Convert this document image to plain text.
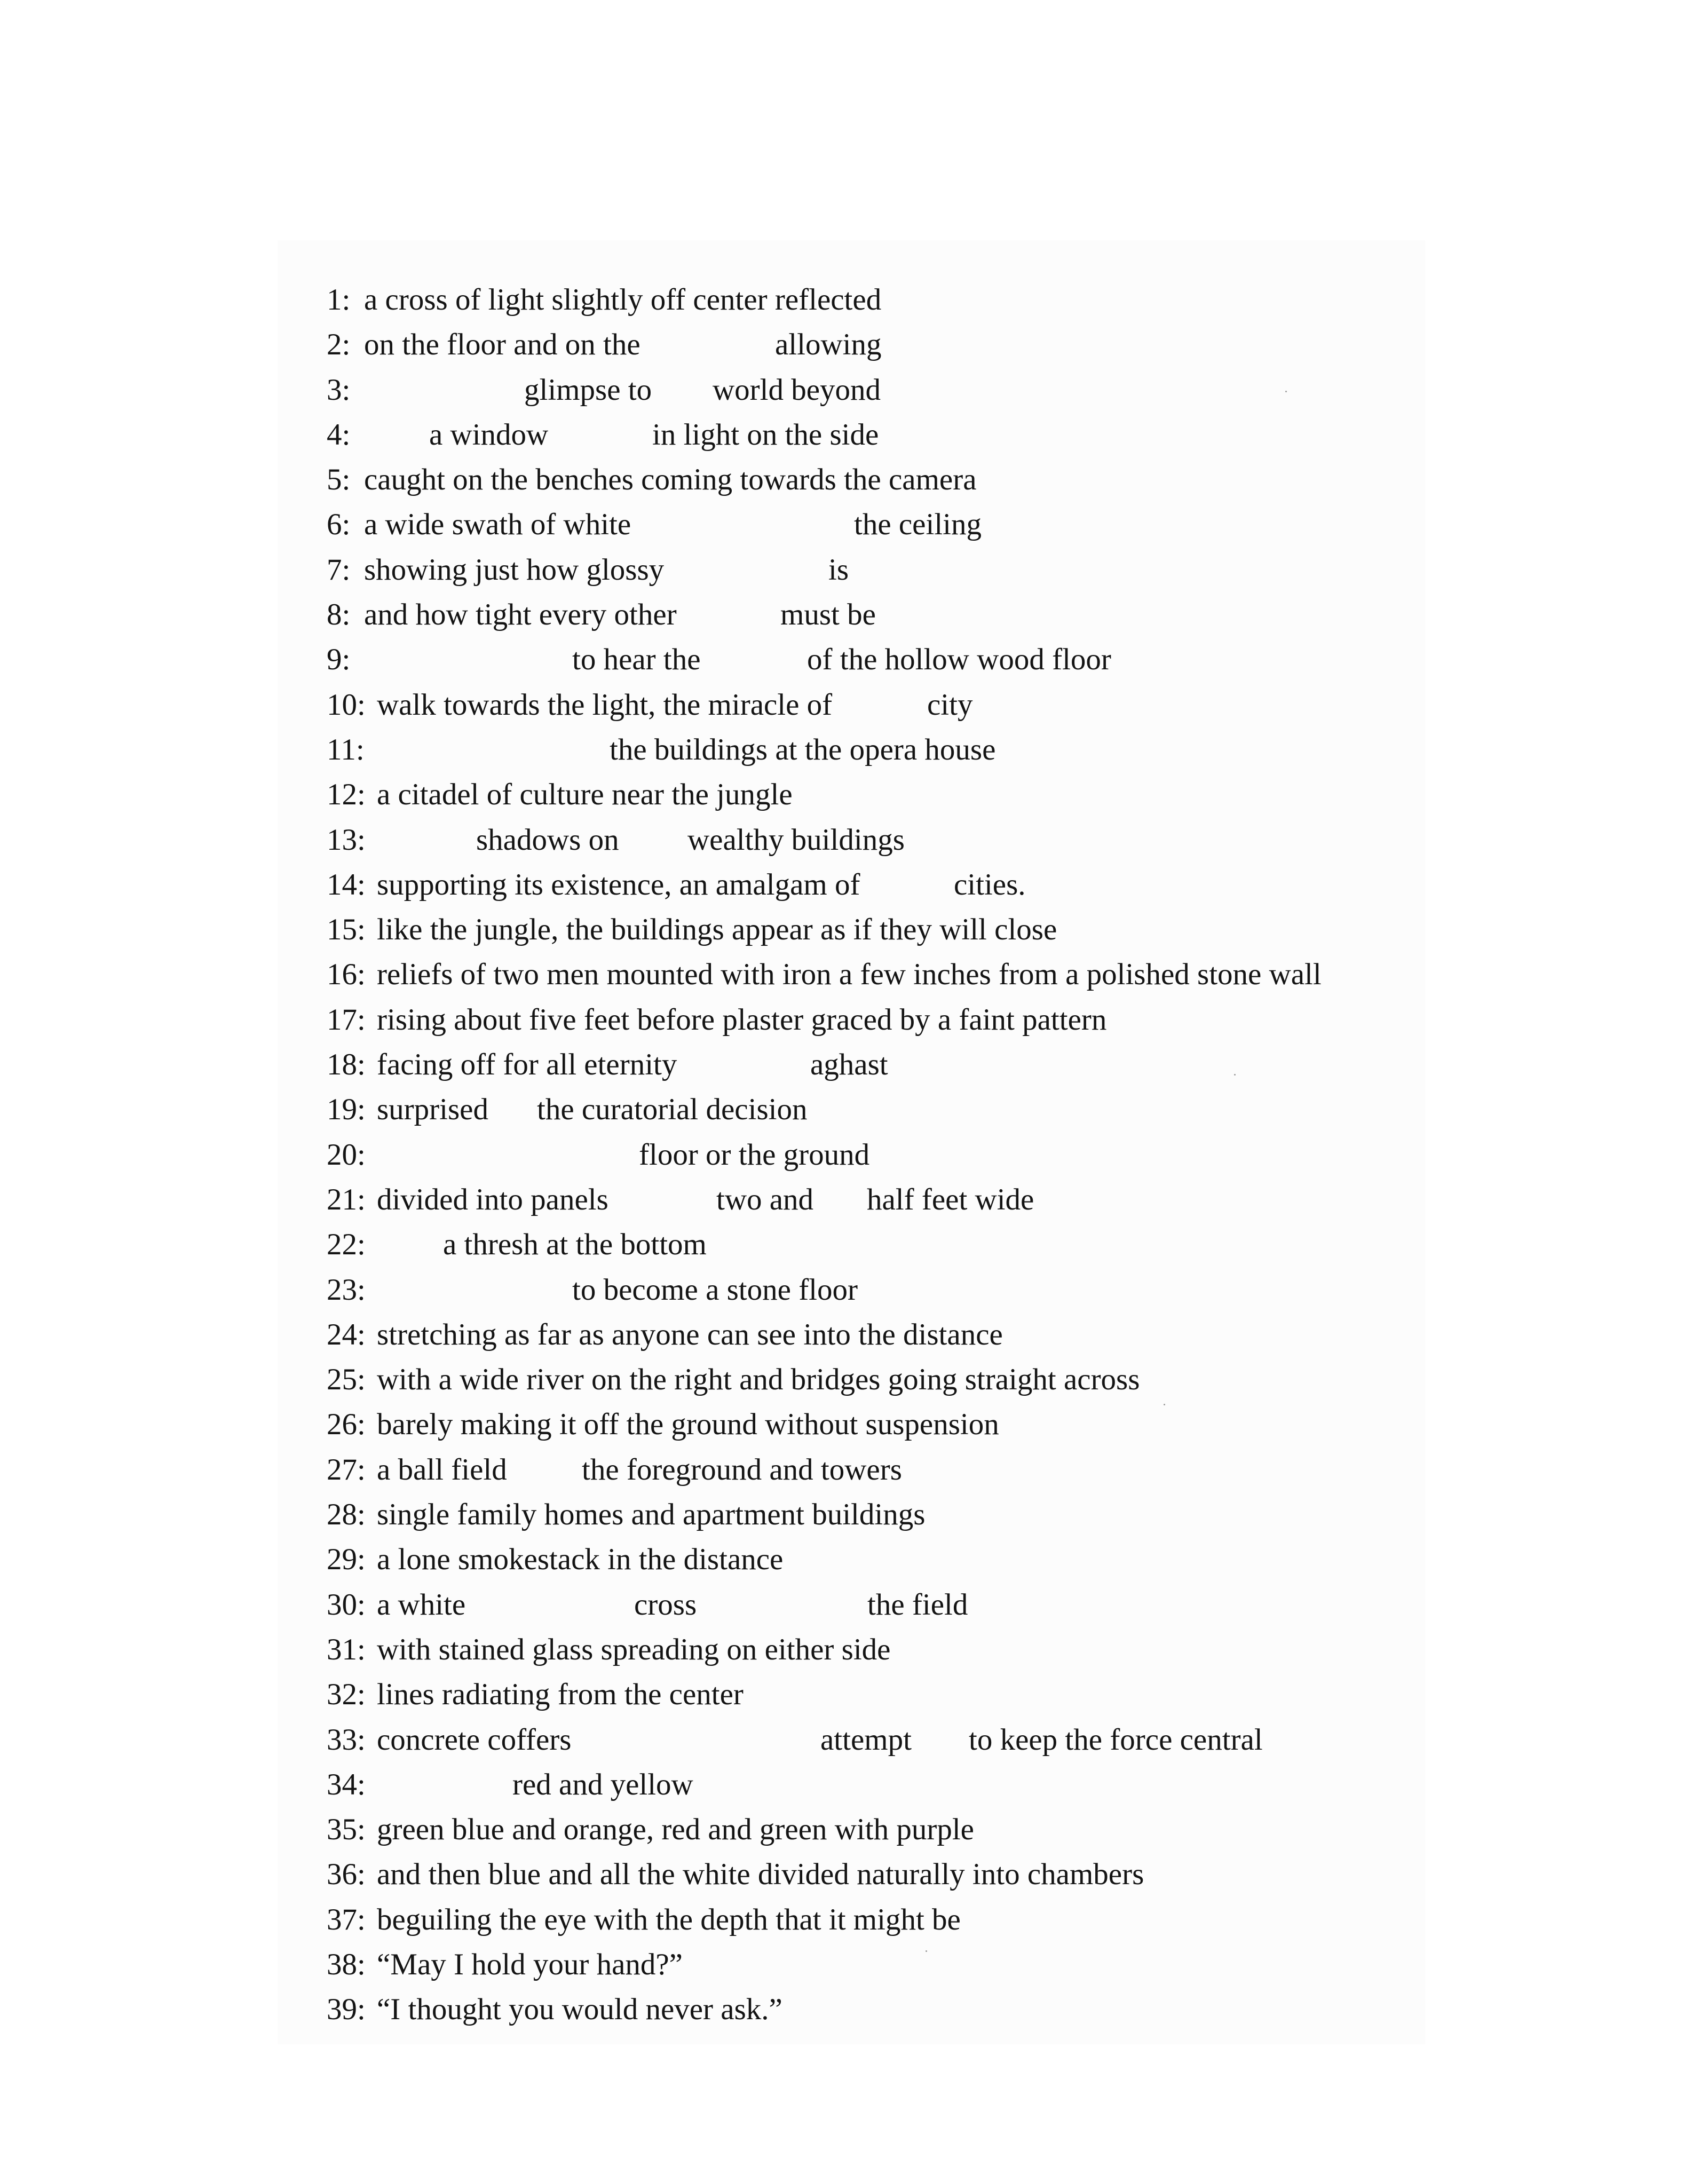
1: a cross of light slightly off center reflected
2: on the floor and on the	allowing
3:	glimpse to world beyond
4:	a window	in light on the side
5: caught on the benches coming towards the camera
6: a wide swath of white	the ceiling
7: showing just how glossy	is
8: and how tight every other	must be
9:	to hear the	of the hollow wood floor
10: walk towards the light, the miracle of	city
11:	the buildings at the opera house
12: a citadel of culture near the jungle
13:	shadows on wealthy buildings
14: supporting its existence, an amalgam of	cities.
15: like the jungle, the buildings appear as if they will close
16: reliefs of two men mounted with iron a few inches from a polished stone wall
17: rising about five feet before plaster graced by a faint pattern
18: facing off for all eternity	aghast
19: surprised the curatorial decision
20:	floor or the ground
21: divided into panels	two and half feet wide
22:	a thresh at the bottom
23:	to become a stone floor
24: stretching as far as anyone can see into the distance
25: with a wide river on the right and bridges going straight across
26: barely making it off the ground without suspension
27: a ball field the foreground and towers
28: single family homes and apartment buildings
29: a lone smokestack in the distance
30: a white	cross	the field
31: with stained glass spreading on either side
32: lines radiating from the center
33: concrete coffers	attempt to keep the force central
34:	red and yellow
35: green blue and orange, red and green with purple
36: and then blue and all the white divided naturally into chambers
37: beguiling the eye with the depth that it might be
38: “May I hold your hand?”
39: “I thought you would never ask.”
